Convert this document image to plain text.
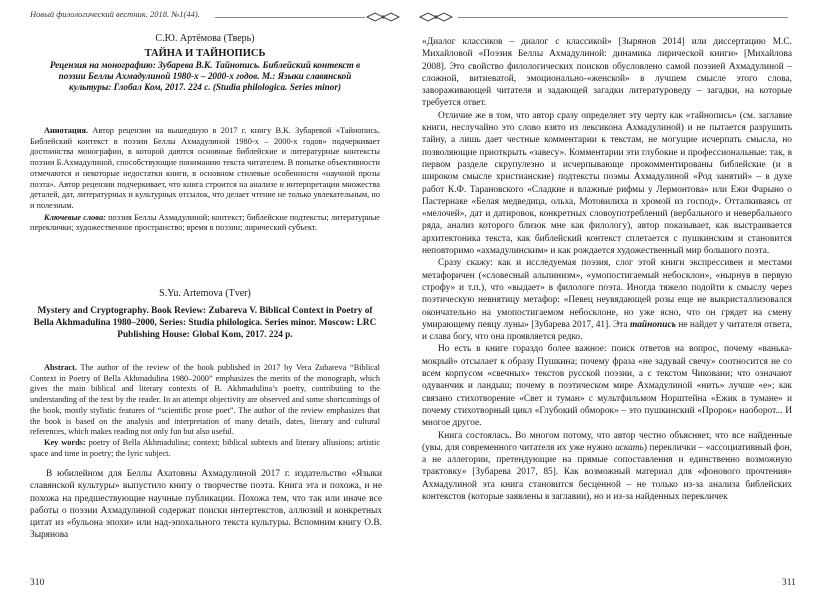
Новый филологический вестник. 2018. №1(44).
С.Ю. Артёмова (Тверь)
ТАЙНА И ТАЙНОПИСЬ
Рецензия на монографию: Зубарева В.К. Тайнопись. Библейский контекст в поэзии Беллы Ахмадулиной 1980-х – 2000-х годов. М.: Языки славянской культуры: Глобал Ком, 2017. 224 с. (Studia philologica. Series minor)

Аннотация. Автор рецензии на вышедшую в 2017 г. книгу В.К. Зубаревой «Тайнопись. Библейский контекст в поэзии Беллы Ахмадулиной 1980-х – 2000-х годов» подчеркивает достоинства монографии, в которой даются основные библейские и литературные контексты поэзии Б.Ахмадулиной, способствующие пониманию текста читателем. В попытке объективности отмечаются и некоторые недостатки книги, в основном стилевые особенности «научной прозы поэта». Автор рецензии подчеркивает, что книга строится на анализе и интерпретации множества деталей, дат, литературных и культурных отсылок, что делает чтение не только увлекательным, но и полезным.

Ключевые слова: поэзия Беллы Ахмадулиной; контекст; библейские подтексты; литературные переклички; художественное пространство; время в поэзии; лирический субъект.

S.Yu. Artemova (Tver)
Mystery and Cryptography. Book Review: Zubareva V. Biblical Context in Poetry of Bella Akhmadulina 1980–2000, Series: Studia philologica. Series minor. Moscow: LRC Publishing House: Global Kom, 2017. 224 p.

Abstract. The author of the review of the book published in 2017 by Vera Zubareva “Biblical Context in Poetry of Bella Akhmadulina 1980–2000” emphasizes the merits of the monograph, which gives the main biblical and literary contexts of B. Akhmadulina’s poetry, contributing to the understanding of the text by the reader. In an attempt objectivity are observed and some shortcomings of the book, mostly stylistic features of “scientific prose poet”. The author of the review emphasizes that the book is based on the analysis and interpretation of many details, dates, literary and cultural references, which makes reading not only fun but also useful.

Key words: poetry of Bella Akhmadulina; context; biblical subtexts and literary allusions; artistic space and time in poetry; the lyric subject.

В юбилейном для Беллы Ахатовны Ахмадулиной 2017 г. издательство «Языки славянской культуры» выпустило книгу о творчестве поэта. Книга эта и похожа, и не похожа на предшествующие научные публикации. Похожа тем, что так или иначе все работы о поэзии Ахмадулиной содержат поиски интертекстов, аллюзий и конкретных цитат из «бульона эпохи» или над-эпохального текста культуры. Вспомним книгу О.В. Зырянова

310

«Диалог классиков – диалог с классикой» [Зырянов 2014] или диссертацию М.С. Михайловой «Поэзия Беллы Ахмадулиной: динамика лирической книги» [Михайлова 2008]. Это свойство филологических поисков обусловлено самой поэзией Ахмадулиной – сложной, витиеватой, эмоционально-«женской» в лучшем смысле этого слова, завораживающей читателя и задающей загадки литературоведу – загадки, на которые требуется ответ.

Отличие же в том, что автор сразу определяет эту черту как «тайнопись» (см. заглавие книги, неслучайно это слово взято из лексикона Ахмадулиной) и не пытается разрушить тайну, а лишь дает честные комментарии к текстам, не могущие исчерпать смысла, но позволяющие приоткрыть «завесу». Комментарии эти глубокие и профессиональные: так, в первом разделе скрупулезно и исчерпывающе прокомментированы библейские (и в широком смысле христианские) подтексты поэмы Ахмадулиной «Род занятий» – в духе работ К.Ф. Тарановского «Сладкие и влажные рифмы у Лермонтова» или Ежи Фарыно о Пастернаке «Белая медведица, ольха, Мотовилиха и хромой из господ». Отталкиваясь от «мелочей», дат и датировок, конкретных словоупотреблений (вербального и невербального ряда, анализ которого близок мне как филологу), автор показывает, как выстраивается архитектоника текста, как библейский контекст сплетается с пушкинским и становится неповторимо «ахмадулинским» и как рождается художественный мир большого поэта.

Сразу скажу: как и исследуемая поэзия, слог этой книги экспрессивен и местами метафоричен («словесный альпинизм», «умопостигаемый небосклон», «нырнув в первую строфу» и т.п.), что «выдает» в филологе поэта. Иногда тяжело подойти к смыслу через поэтическую невнятицу метафор: «Певец неувядающей розы еще не выкристаллизовался окончательно на умопостигаемом небосклоне, но уже ясно, что он грядет на смену умирающему певцу луны» [Зубарева 2017, 41]. Эта тайнопись не найдет у читателя ответа, и слава богу, что она проявляется редко.

Но есть в книге гораздо более важное: поиск ответов на вопрос, почему «ванька-мокрый» отсылает к образу Пушкина; почему фраза «не задувай свечу» соотносится не со всем корпусом «свечных» текстов русской поэзии, а с текстом Чиковани; что означают одуванчик и ландыш; почему в поэтическом мире Ахмадулиной «нить» лучше «е»; как связано стихотворение «Свет и туман» с мультфильмом Норштейна «Ежик в тумане» и почему стихотворный цикл «Глубокий обморок» – это пушкинский «Пророк» наоборот... И многое другое.

Книга состоялась. Во многом потому, что автор честно объясняет, что все найденные (увы, для современного читателя их уже нужно искать) переклички – «ассоциативный фон, а не аллегории, претендующие на прямые сопоставления и единственно возможную трактовку» [Зубарева 2017, 85]. Как возможный материал для «фонового прочтения» Ахмадулиной эта книга становится бесценной – не только из-за анализа библейских контекстов (которые заявлены в заглавии), но и из-за найденных перекличек

311
